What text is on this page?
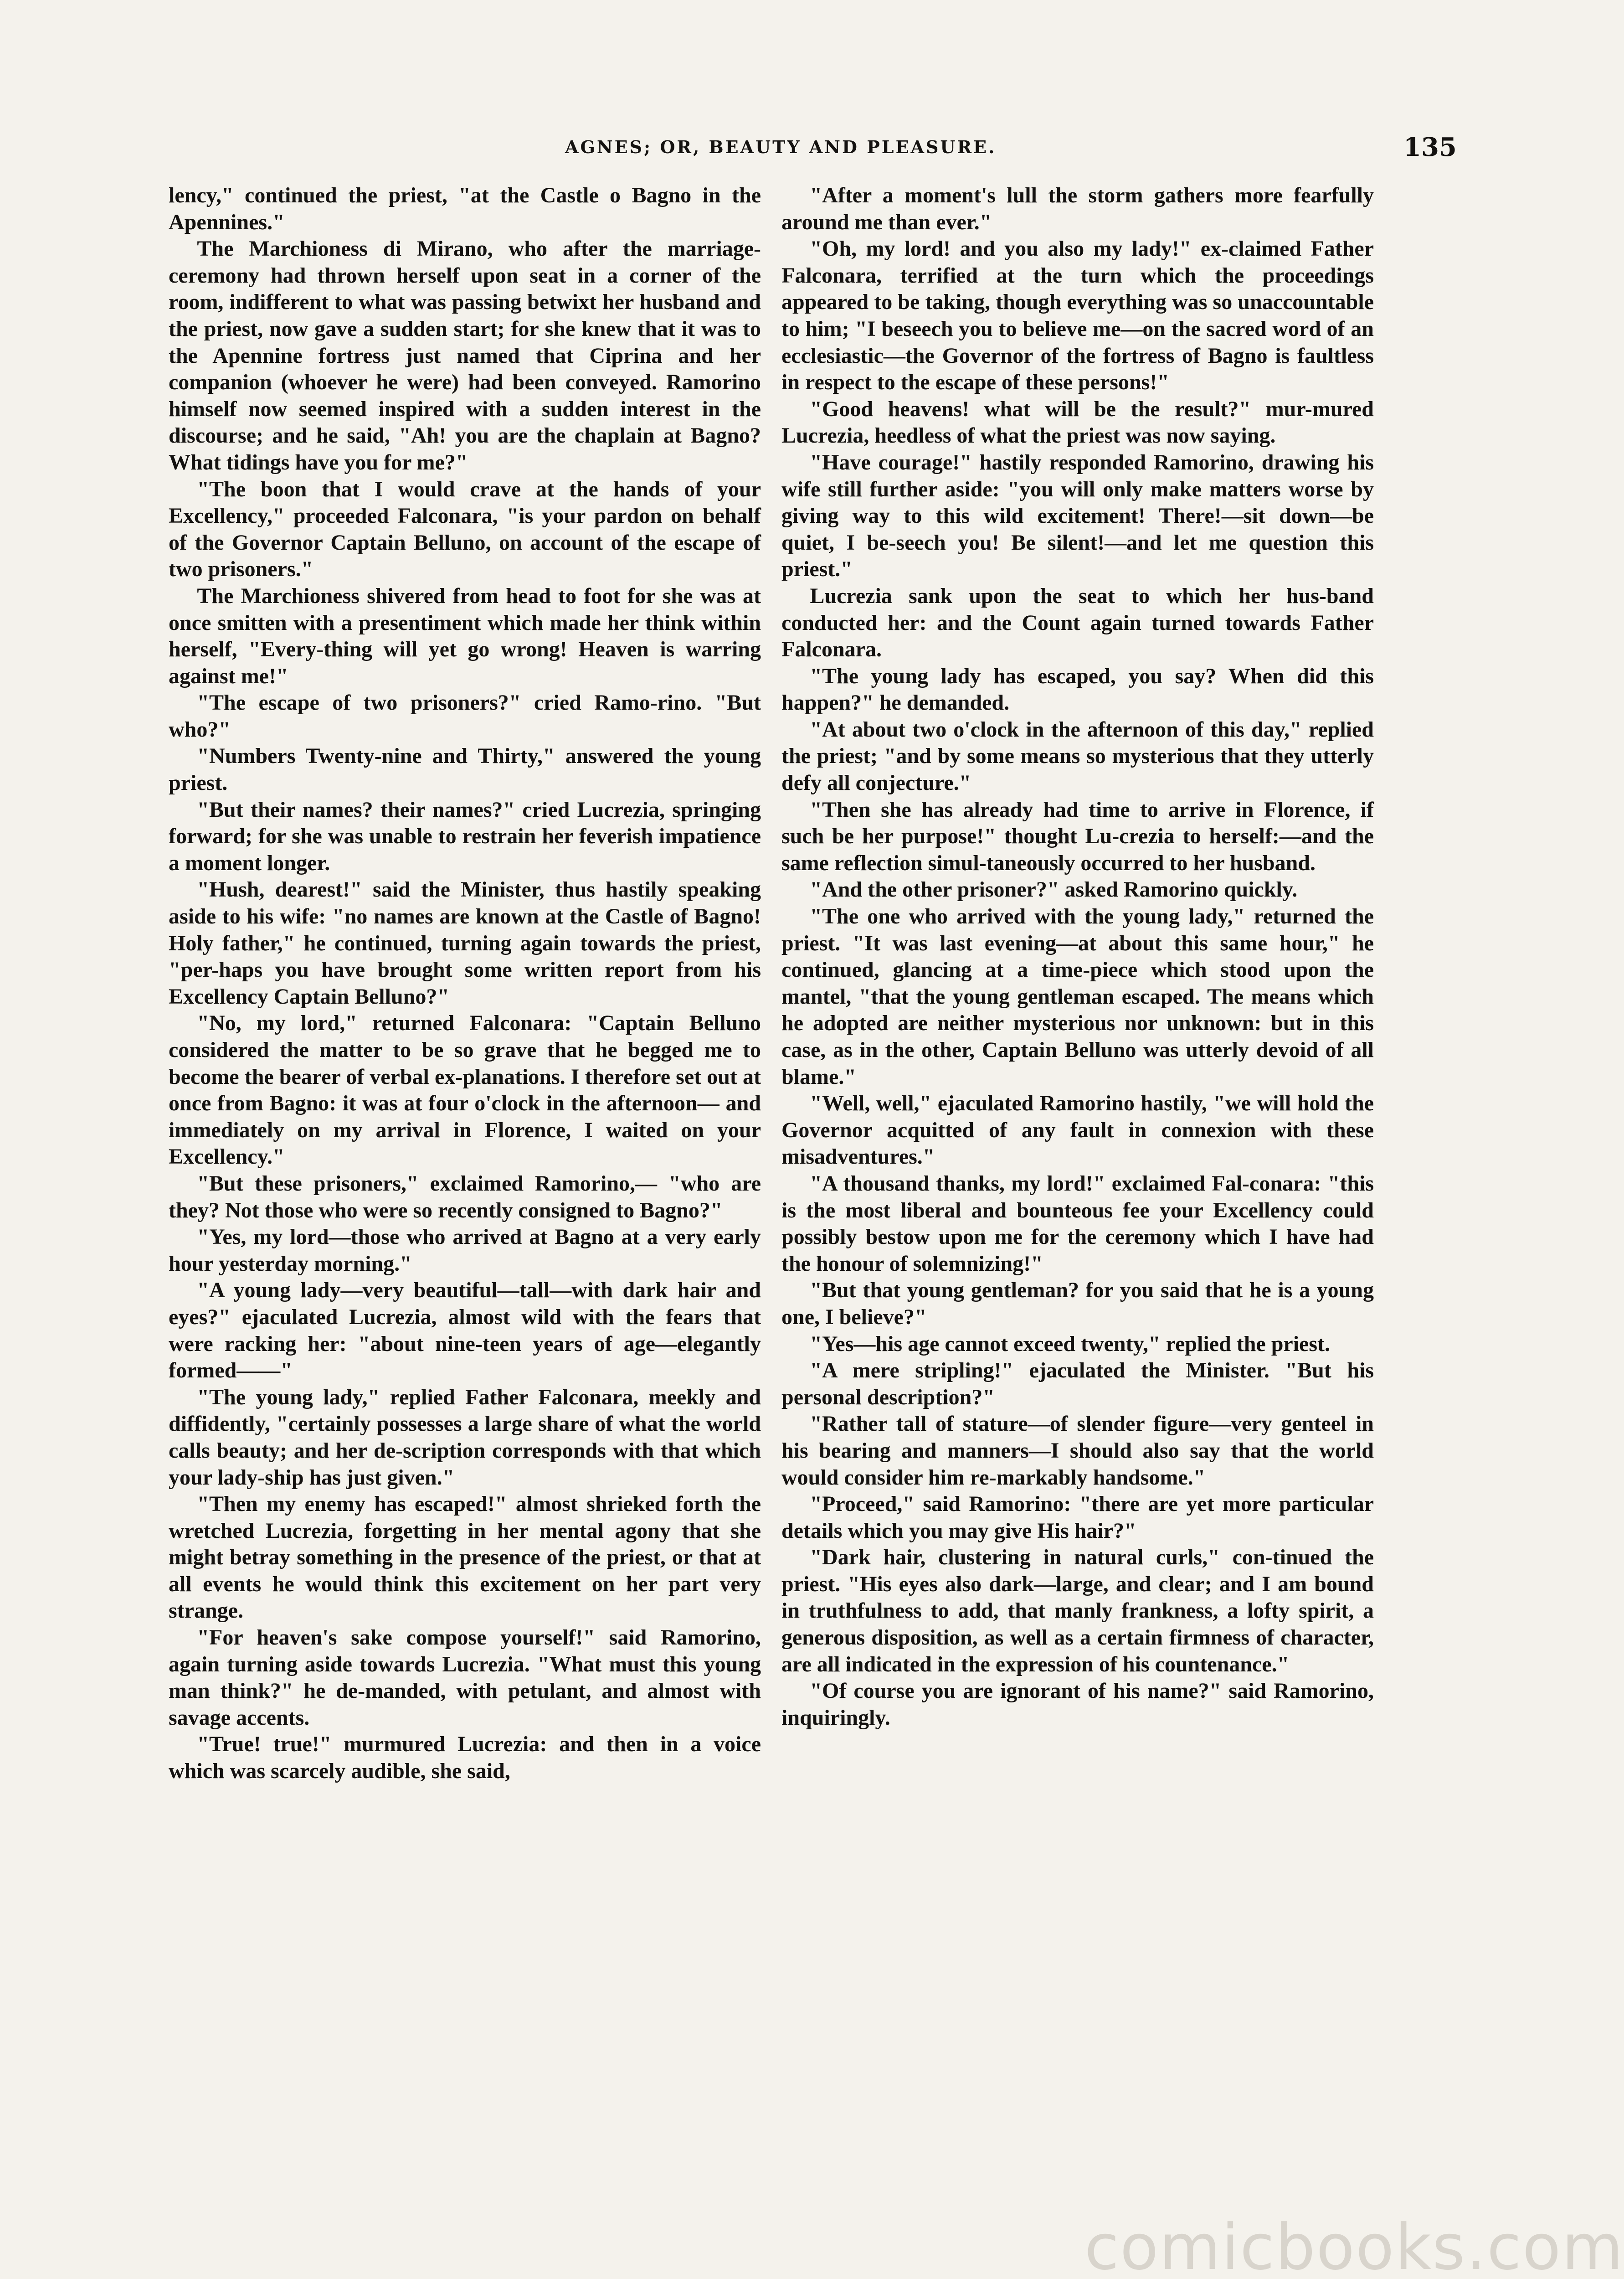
AGNES; OR, BEAUTY AND PLEASURE.	135

lency," continued the priest, "at the Castle o Bagno in the Apennines."

The Marchioness di Mirano, who after the marriage-ceremony had thrown herself upon seat in a corner of the room, indifferent to what was passing betwixt her husband and the priest, now gave a sudden start; for she knew that it was to the Apennine fortress just named that Ciprina and her companion (whoever he were) had been conveyed. Ramorino himself now seemed inspired with a sudden interest in the discourse; and he said, "Ah! you are the chaplain at Bagno? What tidings have you for me?"

"The boon that I would crave at the hands of your Excellency," proceeded Falconara, "is your pardon on behalf of the Governor Captain Belluno, on account of the escape of two prisoners."

The Marchioness shivered from head to foot for she was at once smitten with a presentiment which made her think within herself, "Every-thing will yet go wrong! Heaven is warring against me!"

"The escape of two prisoners?" cried Ramo-rino. "But who?"

"Numbers Twenty-nine and Thirty," answered the young priest.

"But their names? their names?" cried Lucrezia, springing forward; for she was unable to restrain her feverish impatience a moment longer.

"Hush, dearest!" said the Minister, thus hastily speaking aside to his wife: "no names are known at the Castle of Bagno! Holy father," he continued, turning again towards the priest, "per-haps you have brought some written report from his Excellency Captain Belluno?"

"No, my lord," returned Falconara: "Captain Belluno considered the matter to be so grave that he begged me to become the bearer of verbal ex-planations. I therefore set out at once from Bagno: it was at four o'clock in the afternoon— and immediately on my arrival in Florence, I waited on your Excellency."

"But these prisoners," exclaimed Ramorino,— "who are they? Not those who were so recently consigned to Bagno?"

"Yes, my lord—those who arrived at Bagno at a very early hour yesterday morning."

"A young lady—very beautiful—tall—with dark hair and eyes?" ejaculated Lucrezia, almost wild with the fears that were racking her: "about nine-teen years of age—elegantly formed——"

"The young lady," replied Father Falconara, meekly and diffidently, "certainly possesses a large share of what the world calls beauty; and her de-scription corresponds with that which your lady-ship has just given."

"Then my enemy has escaped!" almost shrieked forth the wretched Lucrezia, forgetting in her mental agony that she might betray something in the presence of the priest, or that at all events he would think this excitement on her part very strange.

"For heaven's sake compose yourself!" said Ramorino, again turning aside towards Lucrezia. "What must this young man think?" he de-manded, with petulant, and almost with savage accents.

"True! true!" murmured Lucrezia: and then in a voice which was scarcely audible, she said,

"After a moment's lull the storm gathers more fearfully around me than ever."

"Oh, my lord! and you also my lady!" ex-claimed Father Falconara, terrified at the turn which the proceedings appeared to be taking, though everything was so unaccountable to him; "I beseech you to believe me—on the sacred word of an ecclesiastic—the Governor of the fortress of Bagno is faultless in respect to the escape of these persons!"

"Good heavens! what will be the result?" mur-mured Lucrezia, heedless of what the priest was now saying.

"Have courage!" hastily responded Ramorino, drawing his wife still further aside: "you will only make matters worse by giving way to this wild excitement! There!—sit down—be quiet, I be-seech you! Be silent!—and let me question this priest."

Lucrezia sank upon the seat to which her hus-band conducted her: and the Count again turned towards Father Falconara.

"The young lady has escaped, you say? When did this happen?" he demanded.

"At about two o'clock in the afternoon of this day," replied the priest; "and by some means so mysterious that they utterly defy all conjecture."

"Then she has already had time to arrive in Florence, if such be her purpose!" thought Lu-crezia to herself:—and the same reflection simul-taneously occurred to her husband.

"And the other prisoner?" asked Ramorino quickly.

"The one who arrived with the young lady," returned the priest. "It was last evening—at about this same hour," he continued, glancing at a time-piece which stood upon the mantel, "that the young gentleman escaped. The means which he adopted are neither mysterious nor unknown: but in this case, as in the other, Captain Belluno was utterly devoid of all blame."

"Well, well," ejaculated Ramorino hastily, "we will hold the Governor acquitted of any fault in connexion with these misadventures."

"A thousand thanks, my lord!" exclaimed Fal-conara: "this is the most liberal and bounteous fee your Excellency could possibly bestow upon me for the ceremony which I have had the honour of solemnizing!"

"But that young gentleman? for you said that he is a young one, I believe?"

"Yes—his age cannot exceed twenty," replied the priest.

"A mere stripling!" ejaculated the Minister. "But his personal description?"

"Rather tall of stature—of slender figure—very genteel in his bearing and manners—I should also say that the world would consider him re-markably handsome."

"Proceed," said Ramorino: "there are yet more particular details which you may give His hair?"

"Dark hair, clustering in natural curls," con-tinued the priest. "His eyes also dark—large, and clear; and I am bound in truthfulness to add, that manly frankness, a lofty spirit, a generous disposition, as well as a certain firmness of character, are all indicated in the expression of his countenance."

"Of course you are ignorant of his name?" said Ramorino, inquiringly.

comicbooks.com
